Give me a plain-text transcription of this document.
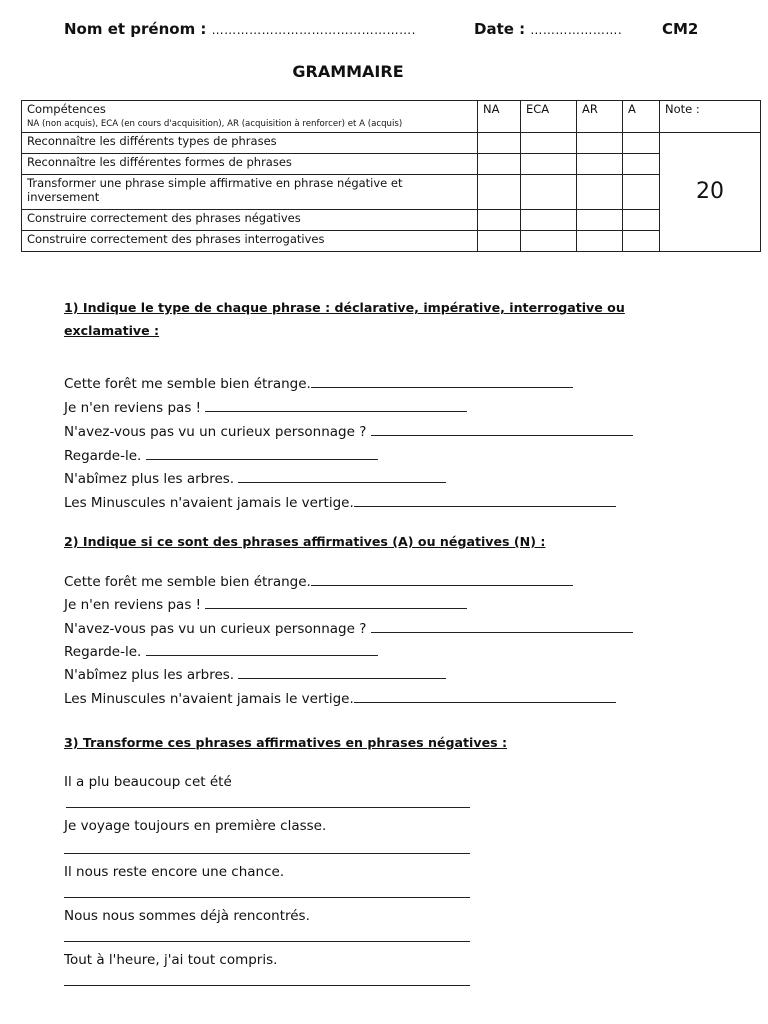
Nom et prénom : ………………………………………….	Date : ………………….	CM2
GRAMMAIRE
Compétences
NA (non acquis), ECA (en cours d'acquisition), AR (acquisition à renforcer) et A (acquis)	NA	ECA	AR	A	Note :
Reconnaître les différents types de phrases					20
Reconnaître les différentes formes de phrases					
Transformer une phrase simple affirmative en phrase négative et inversement					
Construire correctement des phrases négatives					
Construire correctement des phrases interrogatives					
1) Indique le type de chaque phrase : déclarative, impérative, interrogative ou
exclamative :
Cette forêt me semble bien étrange.
Je n'en reviens pas !
N'avez-vous pas vu un curieux personnage ?
Regarde-le.
N'abîmez plus les arbres.
Les Minuscules n'avaient jamais le vertige.
2) Indique si ce sont des phrases affirmatives (A) ou négatives (N) :
Cette forêt me semble bien étrange.
Je n'en reviens pas !
N'avez-vous pas vu un curieux personnage ?
Regarde-le.
N'abîmez plus les arbres.
Les Minuscules n'avaient jamais le vertige.
3) Transforme ces phrases affirmatives en phrases négatives :
Il a plu beaucoup cet été
Je voyage toujours en première classe.
Il nous reste encore une chance.
Nous nous sommes déjà rencontrés.
Tout à l'heure, j'ai tout compris.
